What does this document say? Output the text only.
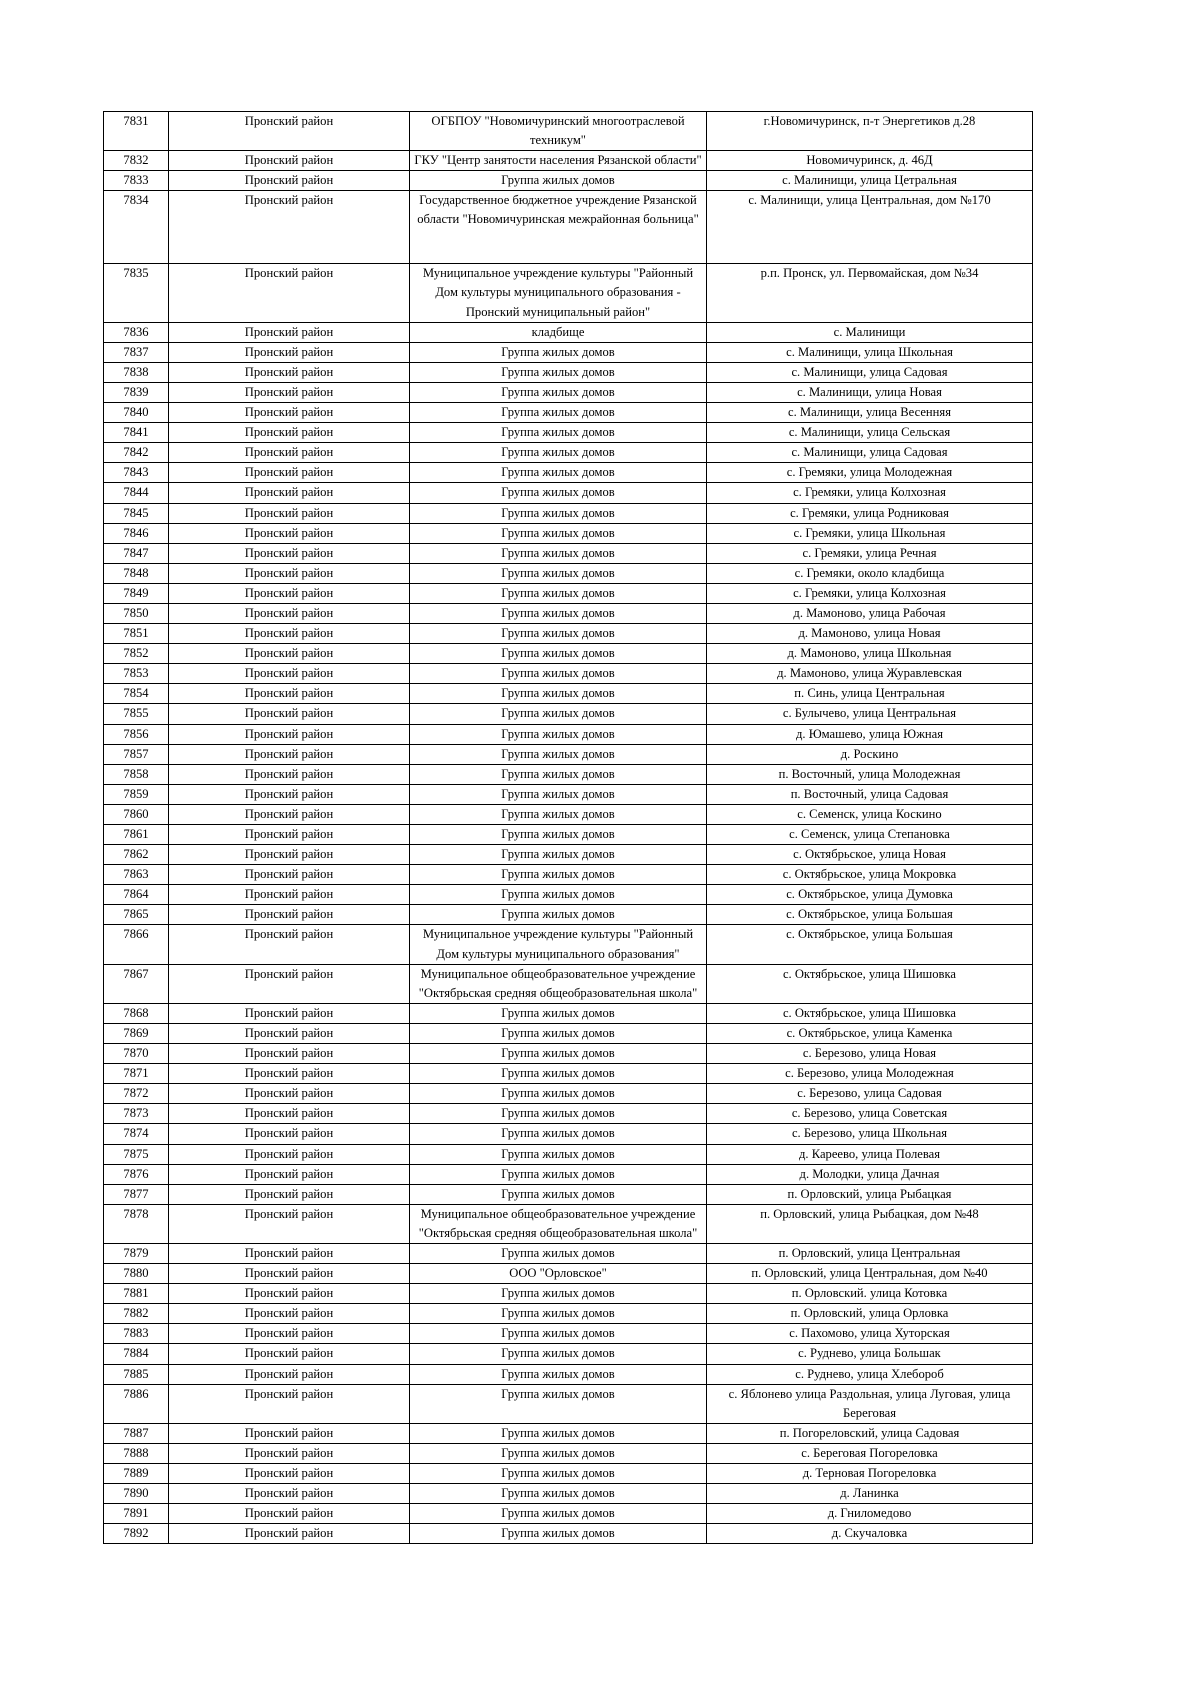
7831	Пронский район	ОГБПОУ "Новомичуринский многоотраслевой техникум"	г.Новомичуринск, п-т Энергетиков д.28
7832	Пронский район	ГКУ "Центр занятости населения Рязанской области"	Новомичуринск, д. 46Д
7833	Пронский район	Группа жилых домов	с. Малинищи, улица Цетральная
7834	Пронский район	Государственное бюджетное учреждение Рязанской области "Новомичуринская межрайонная больница"	с. Малинищи, улица Центральная, дом №170
7835	Пронский район	Муниципальное учреждение культуры "Районный Дом культуры муниципального образования - Пронский муниципальный район"	р.п. Пронск, ул. Первомайская, дом №34
7836	Пронский район	кладбище	с. Малинищи
7837	Пронский район	Группа жилых домов	с. Малинищи, улица Школьная
7838	Пронский район	Группа жилых домов	с. Малинищи, улица Садовая
7839	Пронский район	Группа жилых домов	с. Малинищи, улица Новая
7840	Пронский район	Группа жилых домов	с. Малинищи, улица Весенняя
7841	Пронский район	Группа жилых домов	с. Малинищи, улица Сельская
7842	Пронский район	Группа жилых домов	с. Малинищи, улица Садовая
7843	Пронский район	Группа жилых домов	с. Гремяки, улица Молодежная
7844	Пронский район	Группа жилых домов	с. Гремяки, улица Колхозная
7845	Пронский район	Группа жилых домов	с. Гремяки, улица Родниковая
7846	Пронский район	Группа жилых домов	с. Гремяки, улица Школьная
7847	Пронский район	Группа жилых домов	с. Гремяки, улица Речная
7848	Пронский район	Группа жилых домов	с. Гремяки, около кладбища
7849	Пронский район	Группа жилых домов	с. Гремяки, улица Колхозная
7850	Пронский район	Группа жилых домов	д. Мамоново, улица Рабочая
7851	Пронский район	Группа жилых домов	д. Мамоново, улица Новая
7852	Пронский район	Группа жилых домов	д. Мамоново, улица Школьная
7853	Пронский район	Группа жилых домов	д. Мамоново, улица Журавлевская
7854	Пронский район	Группа жилых домов	п. Синь, улица Центральная
7855	Пронский район	Группа жилых домов	с. Булычево, улица Центральная
7856	Пронский район	Группа жилых домов	д. Юмашево, улица Южная
7857	Пронский район	Группа жилых домов	д. Роскино
7858	Пронский район	Группа жилых домов	п. Восточный, улица Молодежная
7859	Пронский район	Группа жилых домов	п. Восточный, улица Садовая
7860	Пронский район	Группа жилых домов	с. Семенск, улица Коскино
7861	Пронский район	Группа жилых домов	с. Семенск, улица Степановка
7862	Пронский район	Группа жилых домов	с. Октябрьское, улица Новая
7863	Пронский район	Группа жилых домов	с. Октябрьское, улица Мокровка
7864	Пронский район	Группа жилых домов	с. Октябрьское, улица Думовка
7865	Пронский район	Группа жилых домов	с. Октябрьское, улица Большая
7866	Пронский район	Муниципальное учреждение культуры "Районный Дом культуры муниципального образования"	с. Октябрьское, улица Большая
7867	Пронский район	Муниципальное общеобразовательное учреждение "Октябрьская средняя общеобразовательная школа"	с. Октябрьское, улица Шишовка
7868	Пронский район	Группа жилых домов	с. Октябрьское, улица Шишовка
7869	Пронский район	Группа жилых домов	с. Октябрьское, улица Каменка
7870	Пронский район	Группа жилых домов	с. Березово, улица Новая
7871	Пронский район	Группа жилых домов	с. Березово, улица Молодежная
7872	Пронский район	Группа жилых домов	с. Березово, улица Садовая
7873	Пронский район	Группа жилых домов	с. Березово, улица Советская
7874	Пронский район	Группа жилых домов	с. Березово, улица Школьная
7875	Пронский район	Группа жилых домов	д. Кареево, улица Полевая
7876	Пронский район	Группа жилых домов	д. Молодки, улица Дачная
7877	Пронский район	Группа жилых домов	п. Орловский, улица Рыбацкая
7878	Пронский район	Муниципальное общеобразовательное учреждение "Октябрьская средняя общеобразовательная школа"	п. Орловский, улица Рыбацкая, дом №48
7879	Пронский район	Группа жилых домов	п. Орловский, улица Центральная
7880	Пронский район	ООО "Орловское"	п. Орловский, улица Центральная, дом №40
7881	Пронский район	Группа жилых домов	п. Орловский. улица Котовка
7882	Пронский район	Группа жилых домов	п. Орловский, улица Орловка
7883	Пронский район	Группа жилых домов	с. Пахомово, улица Хуторская
7884	Пронский район	Группа жилых домов	с. Руднево, улица Большак
7885	Пронский район	Группа жилых домов	с. Руднево, улица Хлебороб
7886	Пронский район	Группа жилых домов	с. Яблонево улица Раздольная, улица Луговая, улица Береговая
7887	Пронский район	Группа жилых домов	п. Погореловский, улица Садовая
7888	Пронский район	Группа жилых домов	с. Береговая Погореловка
7889	Пронский район	Группа жилых домов	д. Терновая Погореловка
7890	Пронский район	Группа жилых домов	д. Ланинка
7891	Пронский район	Группа жилых домов	д. Гниломедово
7892	Пронский район	Группа жилых домов	д. Скучаловка
